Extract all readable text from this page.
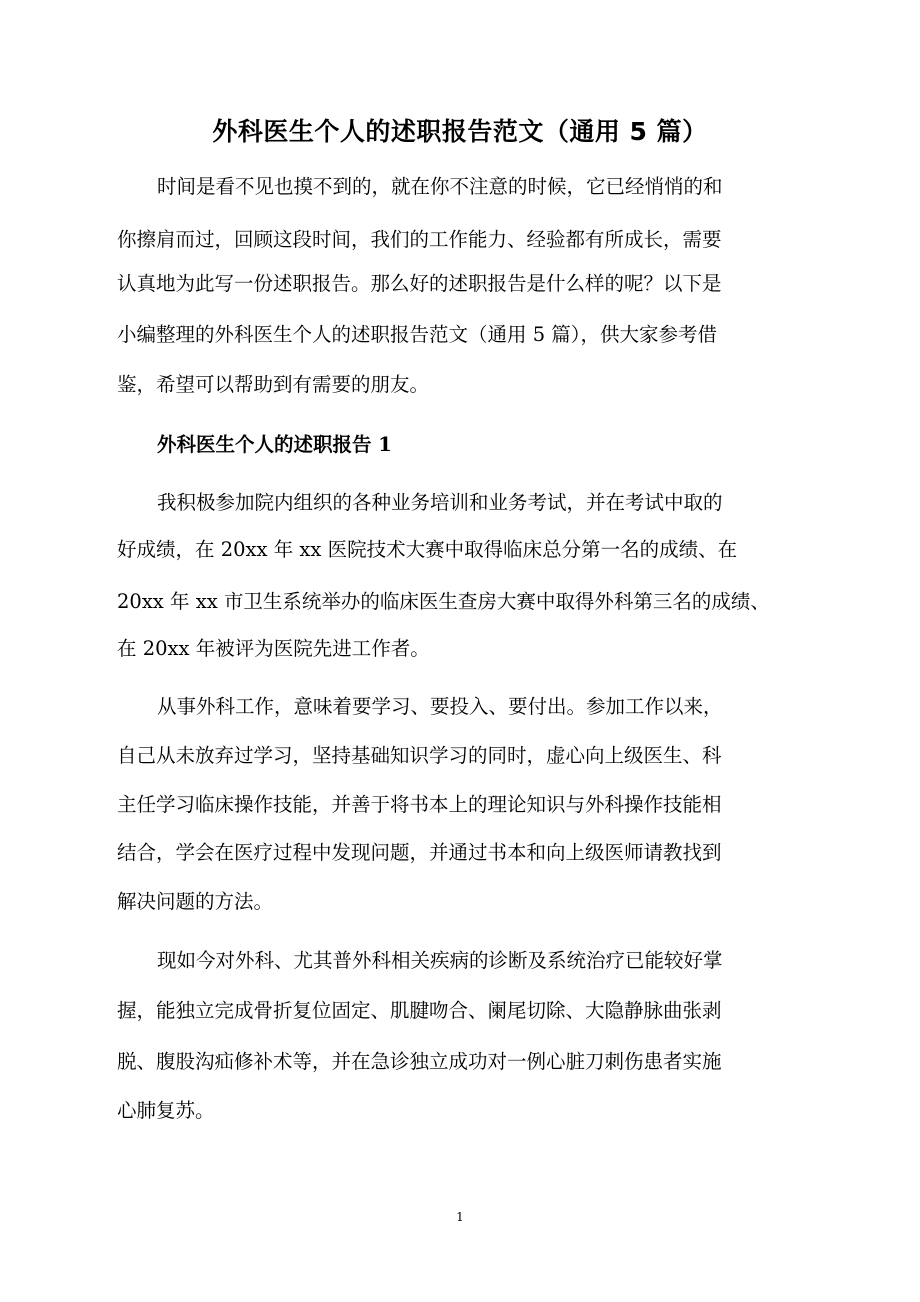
外科医生个人的述职报告范文（通用 5 篇）

时间是看不见也摸不到的，就在你不注意的时候，它已经悄悄的和

你擦肩而过，回顾这段时间，我们的工作能力、经验都有所成长，需要

认真地为此写一份述职报告。那么好的述职报告是什么样的呢？以下是

小编整理的外科医生个人的述职报告范文（通用 5 篇），供大家参考借

鉴，希望可以帮助到有需要的朋友。

外科医生个人的述职报告 1

我积极参加院内组织的各种业务培训和业务考试，并在考试中取的

好成绩，在 20xx 年 xx 医院技术大赛中取得临床总分第一名的成绩、在

20xx 年 xx 市卫生系统举办的临床医生查房大赛中取得外科第三名的成绩、

在 20xx 年被评为医院先进工作者。

从事外科工作，意味着要学习、要投入、要付出。参加工作以来，

自己从未放弃过学习，坚持基础知识学习的同时，虚心向上级医生、科

主任学习临床操作技能，并善于将书本上的理论知识与外科操作技能相

结合，学会在医疗过程中发现问题，并通过书本和向上级医师请教找到

解决问题的方法。

现如今对外科、尤其普外科相关疾病的诊断及系统治疗已能较好掌

握，能独立完成骨折复位固定、肌腱吻合、阑尾切除、大隐静脉曲张剥

脱、腹股沟疝修补术等，并在急诊独立成功对一例心脏刀刺伤患者实施

心肺复苏。

1
